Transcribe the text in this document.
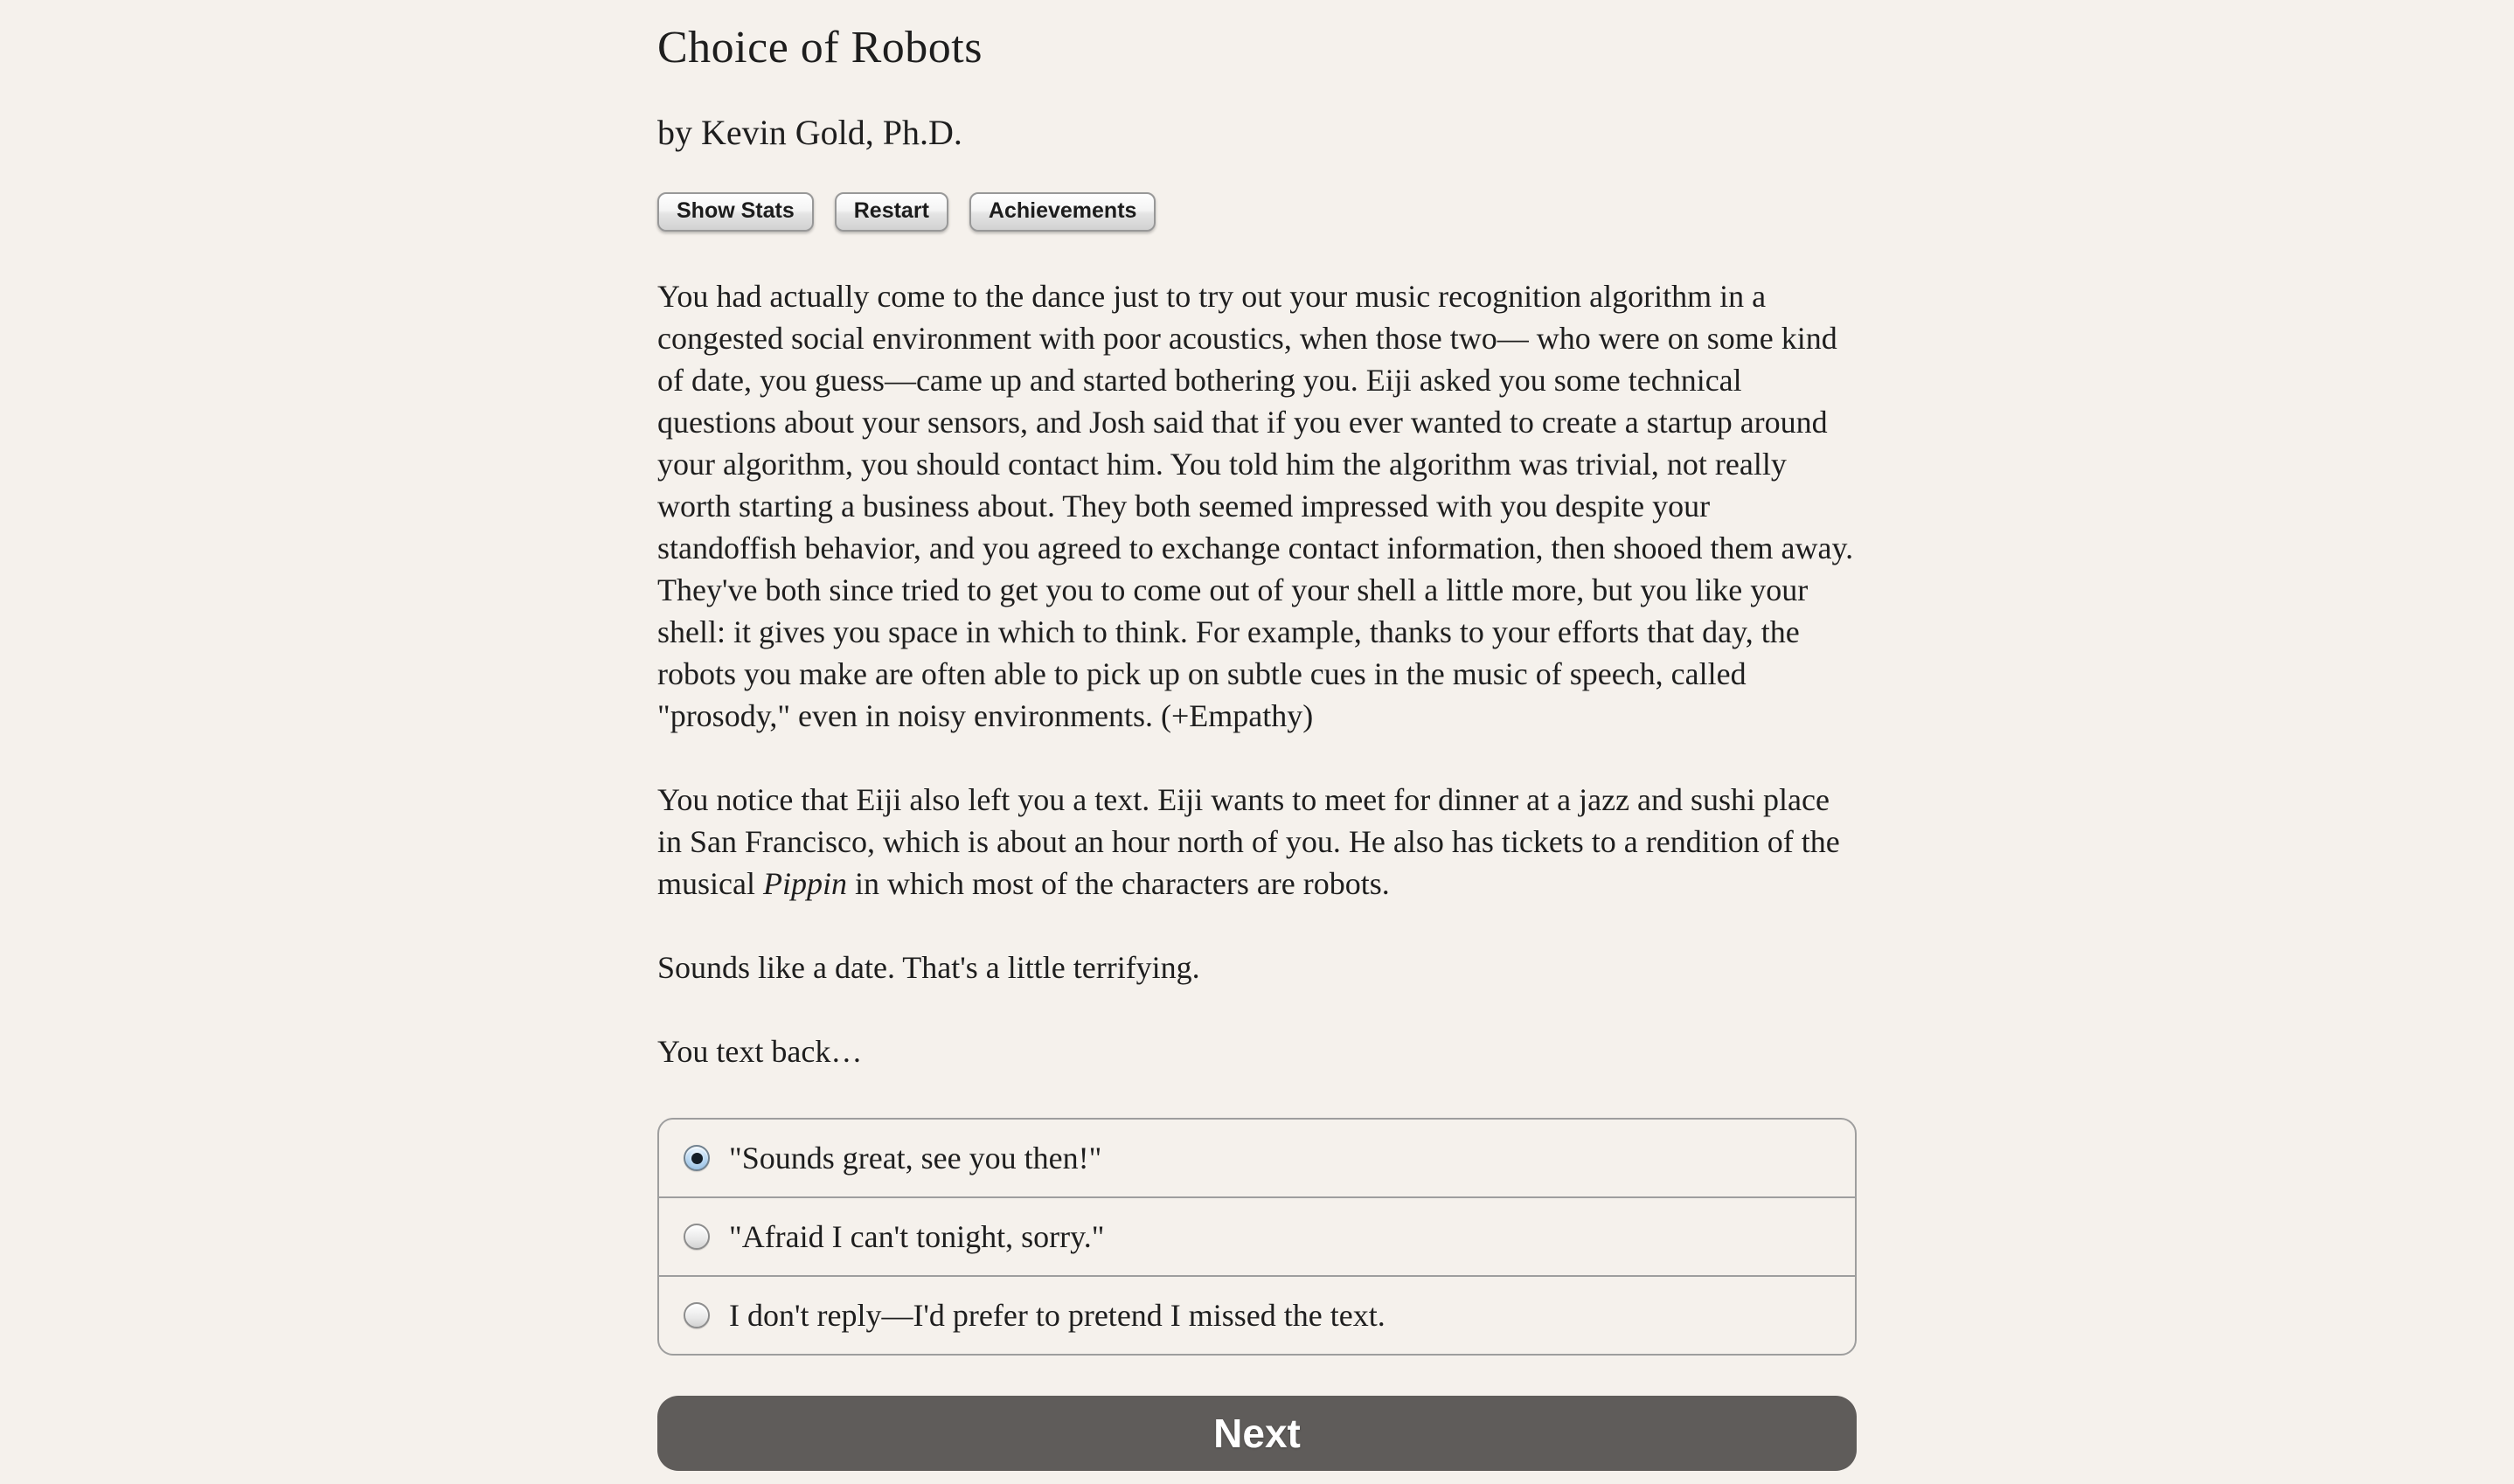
Choice of Robots

by Kevin Gold, Ph.D.

Show Stats	Restart	Achievements

You had actually come to the dance just to try out your music recognition algorithm in a congested social environment with poor acoustics, when those two— who were on some kind of date, you guess—came up and started bothering you. Eiji asked you some technical questions about your sensors, and Josh said that if you ever wanted to create a startup around your algorithm, you should contact him. You told him the algorithm was trivial, not really worth starting a business about. They both seemed impressed with you despite your standoffish behavior, and you agreed to exchange contact information, then shooed them away. They've both since tried to get you to come out of your shell a little more, but you like your shell: it gives you space in which to think. For example, thanks to your efforts that day, the robots you make are often able to pick up on subtle cues in the music of speech, called "prosody," even in noisy environments. (+Empathy)

You notice that Eiji also left you a text. Eiji wants to meet for dinner at a jazz and sushi place in San Francisco, which is about an hour north of you. He also has tickets to a rendition of the musical Pippin in which most of the characters are robots.

Sounds like a date. That's a little terrifying.

You text back…

"Sounds great, see you then!"
"Afraid I can't tonight, sorry."
I don't reply—I'd prefer to pretend I missed the text.
Next
